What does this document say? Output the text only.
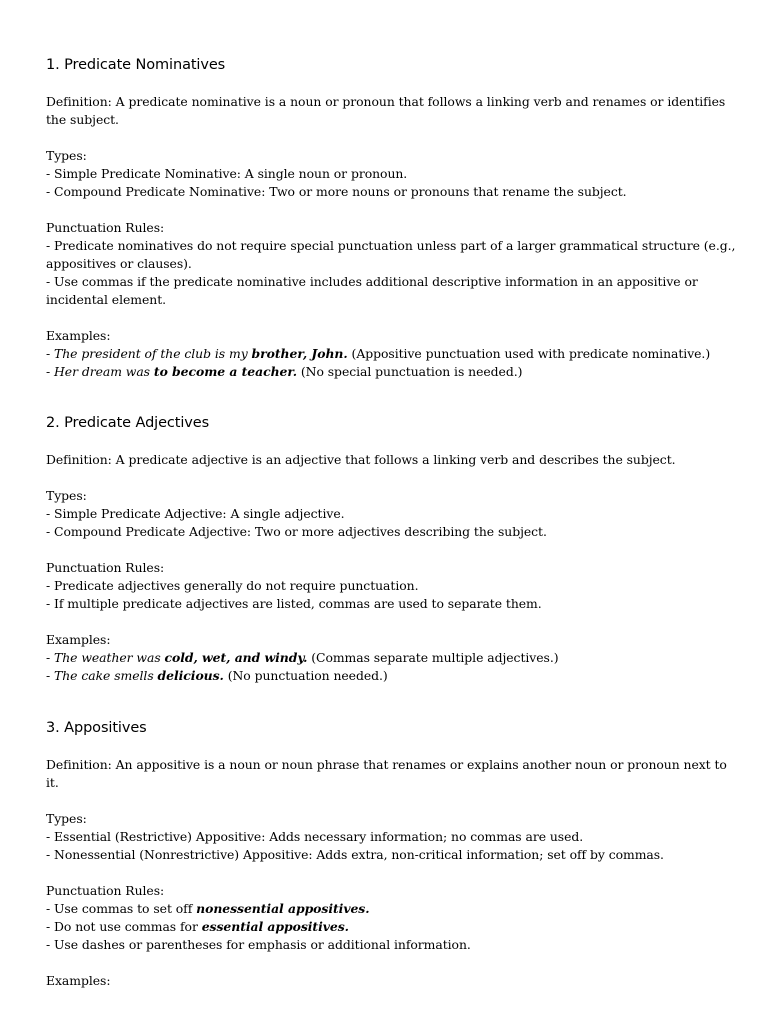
1. Predicate Nominatives

Definition: A predicate nominative is a noun or pronoun that follows a linking verb and renames or identifies the subject.

Types:

- Simple Predicate Nominative: A single noun or pronoun.

- Compound Predicate Nominative: Two or more nouns or pronouns that rename the subject.

Punctuation Rules:

- Predicate nominatives do not require special punctuation unless part of a larger grammatical structure (e.g., appositives or clauses).

- Use commas if the predicate nominative includes additional descriptive information in an appositive or incidental element.

Examples:

- The president of the club is my brother, John. (Appositive punctuation used with predicate nominative.)

- Her dream was to become a teacher. (No special punctuation is needed.)

2. Predicate Adjectives

Definition: A predicate adjective is an adjective that follows a linking verb and describes the subject.

Types:

- Simple Predicate Adjective: A single adjective.

- Compound Predicate Adjective: Two or more adjectives describing the subject.

Punctuation Rules:

- Predicate adjectives generally do not require punctuation.

- If multiple predicate adjectives are listed, commas are used to separate them.

Examples:

- The weather was cold, wet, and windy. (Commas separate multiple adjectives.)

- The cake smells delicious. (No punctuation needed.)

3. Appositives

Definition: An appositive is a noun or noun phrase that renames or explains another noun or pronoun next to it.

Types:

- Essential (Restrictive) Appositive: Adds necessary information; no commas are used.

- Nonessential (Nonrestrictive) Appositive: Adds extra, non-critical information; set off by commas.

Punctuation Rules:

- Use commas to set off nonessential appositives.

- Do not use commas for essential appositives.

- Use dashes or parentheses for emphasis or additional information.

Examples:
